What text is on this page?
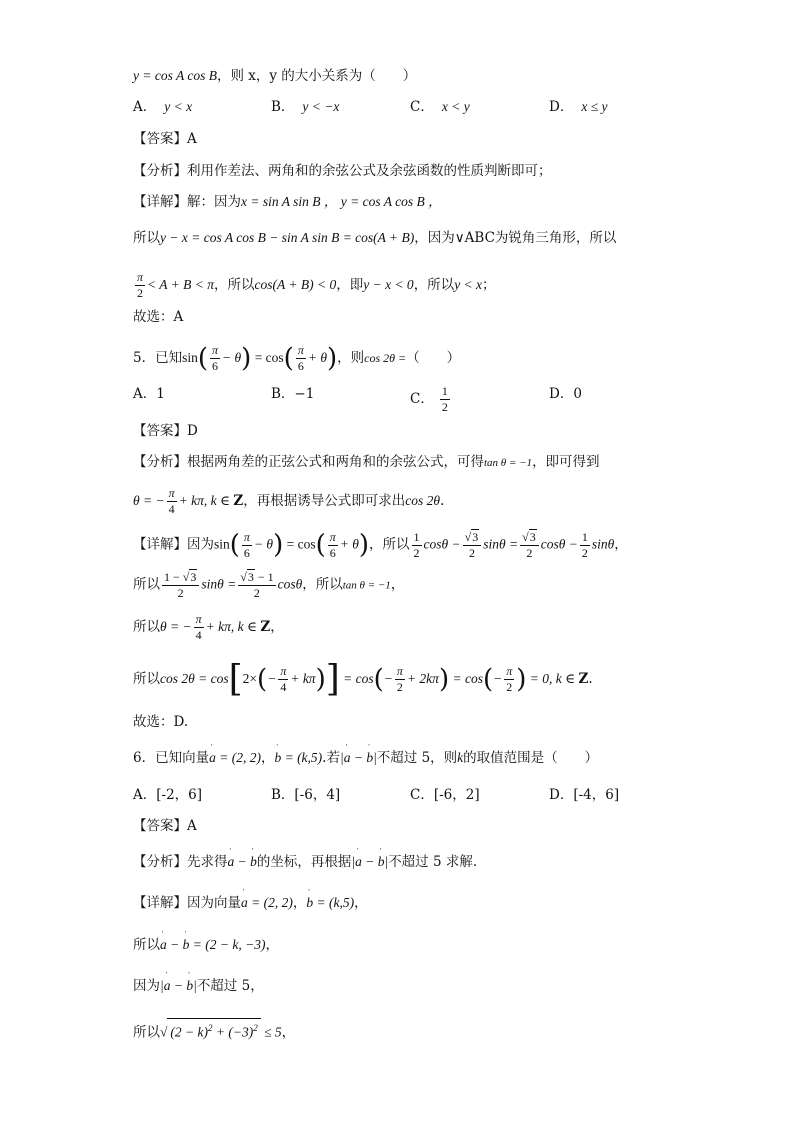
y = cos A cos B，则 x，y 的大小关系为（　　）
A． y < x	B． y < −x	C． x < y	D． x ≤ y
【答案】A
【分析】利用作差法、两角和的余弦公式及余弦函数的性质判断即可；
【详解】解：因为x = sin A sin B ， y = cos A cos B ，
所以y − x = cos A cos B − sin A sin B = cos(A + B)，因为∨ABC为锐角三角形，所以
$\frac{\pi}{2} < A + B < \pi$，所以cos(A + B) < 0，即y − x < 0，所以y < x；
故选：A
5．已知$\sin( \frac{\pi}{6} - \theta) = \cos( \frac{\pi}{6} + \theta)$，则cos 2θ =（　　）
A．1	B．−1	C． $\frac{1}{2}$	D．0
【答案】D
【分析】根据两角差的正弦公式和两角和的余弦公式，可得tan θ = −1，即可得到
θ = − $\frac{\pi}{4} + k\pi$, k ∈ Z，再根据诱导公式即可求出cos 2θ.
【详解】因为$\sin( \frac{\pi}{6} - \theta) = \cos( \frac{\pi}{6} + \theta)$，所以 $\frac{1}{2}$ $\cos\theta - \frac{√3}{2}$ $\sin\theta = \frac{√3}{2}$ $\cos\theta - \frac{1}{2}$ sinθ，
所以 $\frac{1 - √3}{2}$ $\sin\theta = \frac{√3 - 1}{2}$ cosθ，所以tan θ = −1，
所以θ = − $\frac{\pi}{4} + k\pi$, k ∈ Z，
所以$\cos 2\theta = \cos[2\times(- \frac{\pi}{4} + k\pi)] = \cos(- \frac{\pi}{2} + 2k\pi) = \cos(- \frac{\pi}{2}$ ) = 0, k ∈ Z.
故选：D.
6．已知向量ˈ a = (2, 2)，ˈ b = (k,5).若|ˈ a − ˈ b|不超过 5，则k的取值范围是（　　）
A．[-2，6]	B．[-6，4]	C．[-6，2]	D．[-4，6]
【答案】A
【分析】先求得ˈ a − ˈ b的坐标，再根据|ˈ a − ˈ b|不超过 5 求解.
【详解】因为向量ˈ a = (2, 2)，ˈ b = (k,5)，
所以ˈ a − ˈ b = (2 − k, −3)，
因为|ˈ a − ˈ b|不超过 5，
所以√ $(2 - k)^2 + (-3)^2 \le 5$，
